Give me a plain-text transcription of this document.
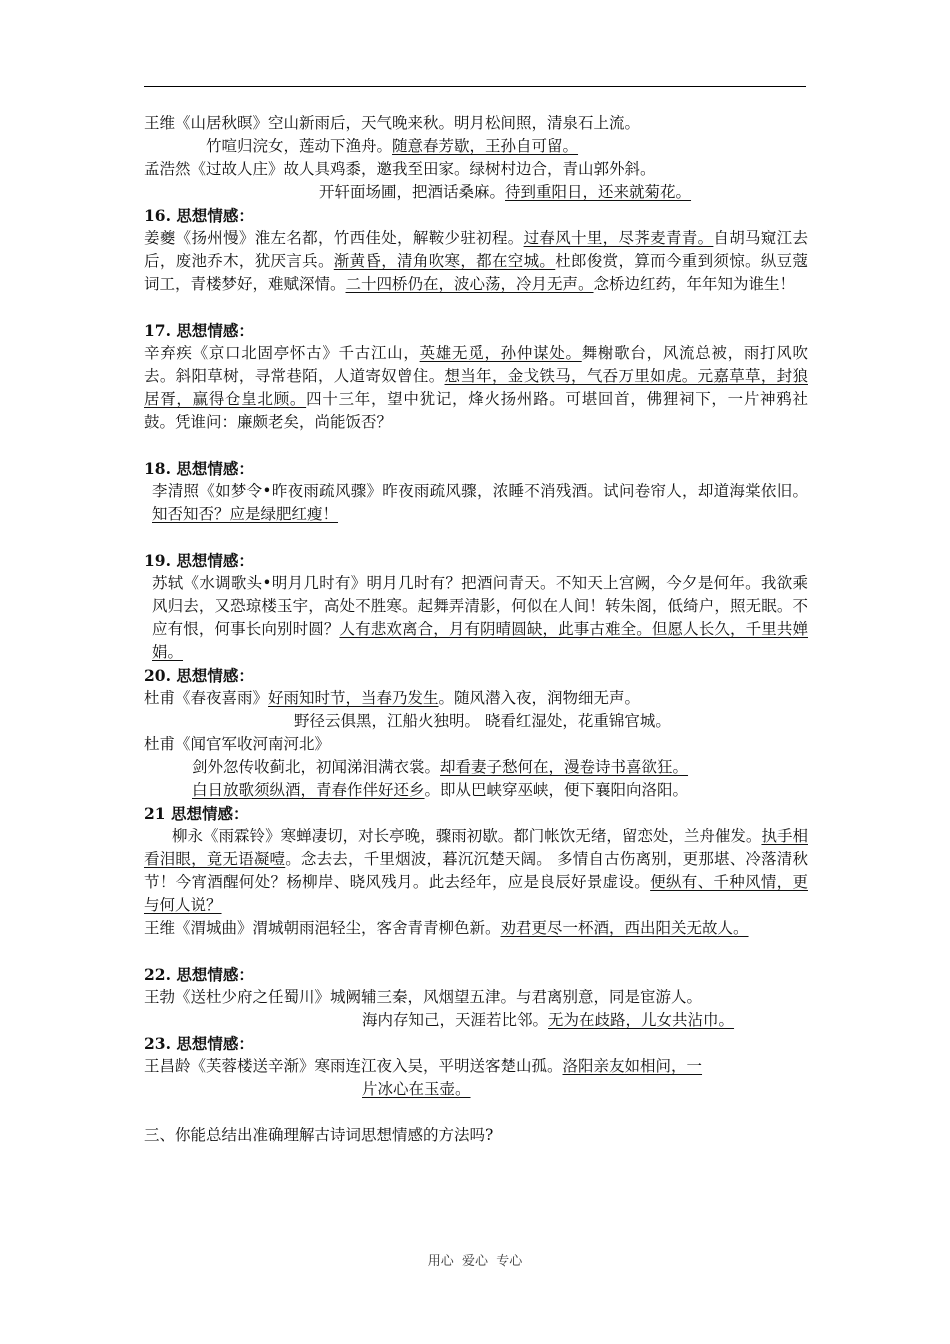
王维《山居秋暝》空山新雨后，天气晚来秋。明月松间照，清泉石上流。
竹喧归浣女，莲动下渔舟。随意春芳歇，王孙自可留。
孟浩然《过故人庄》故人具鸡黍，邀我至田家。绿树村边合，青山郭外斜。
开轩面场圃，把酒话桑麻。待到重阳日，还来就菊花。
16. 思想情感：
姜夔《扬州慢》淮左名都，竹西佳处，解鞍少驻初程。过春风十里，尽荠麦青青。自胡马窥江去后，废池乔木，犹厌言兵。渐黄昏，清角吹寒，都在空城。杜郎俊赏，算而今重到须惊。纵豆蔻词工，青楼梦好，难赋深情。二十四桥仍在，波心荡，冷月无声。念桥边红药，年年知为谁生！
17. 思想情感：
辛弃疾《京口北固亭怀古》千古江山，英雄无觅，孙仲谋处。舞榭歌台，风流总被，雨打风吹去。斜阳草树，寻常巷陌，人道寄奴曾住。想当年，金戈铁马，气吞万里如虎。元嘉草草，封狼居胥，赢得仓皇北顾。四十三年，望中犹记，烽火扬州路。可堪回首，佛狸祠下，一片神鸦社鼓。凭谁问：廉颇老矣，尚能饭否？
18. 思想情感：
李清照《如梦令•昨夜雨疏风骤》昨夜雨疏风骤，浓睡不消残酒。试问卷帘人，却道海棠依旧。知否知否？应是绿肥红瘦！
19. 思想情感：
苏轼《水调歌头•明月几时有》明月几时有？把酒问青天。不知天上宫阙，今夕是何年。我欲乘风归去，又恐琼楼玉宇，高处不胜寒。起舞弄清影，何似在人间！转朱阁，低绮户，照无眠。不应有恨，何事长向别时圆？人有悲欢离合，月有阴晴圆缺，此事古难全。但愿人长久，千里共婵娟。
20. 思想情感：
杜甫《春夜喜雨》好雨知时节，当春乃发生。随风潜入夜，润物细无声。
野径云俱黑，江船火独明。 晓看红湿处，花重锦官城。
杜甫《闻官军收河南河北》
剑外忽传收蓟北，初闻涕泪满衣裳。却看妻子愁何在，漫卷诗书喜欲狂。
白日放歌须纵酒，青春作伴好还乡。即从巴峡穿巫峡，便下襄阳向洛阳。
21 思想情感：
柳永《雨霖铃》寒蝉凄切，对长亭晚，骤雨初歇。都门帐饮无绪，留恋处，兰舟催发。执手相看泪眼，竟无语凝噎。念去去，千里烟波，暮沉沉楚天阔。 多情自古伤离别，更那堪、冷落清秋节！今宵酒醒何处？杨柳岸、晓风残月。此去经年，应是良辰好景虚设。便纵有、千种风情，更与何人说？
王维《渭城曲》渭城朝雨浥轻尘，客舍青青柳色新。劝君更尽一杯酒，西出阳关无故人。
22. 思想情感：
王勃《送杜少府之任蜀川》城阙辅三秦，风烟望五津。与君离别意，同是宦游人。
海内存知己，天涯若比邻。无为在歧路，儿女共沾巾。
23. 思想情感：
王昌龄《芙蓉楼送辛渐》寒雨连江夜入吴，平明送客楚山孤。洛阳亲友如相问，一
片冰心在玉壶。
三、你能总结出准确理解古诗词思想情感的方法吗?
用心  爱心  专心
